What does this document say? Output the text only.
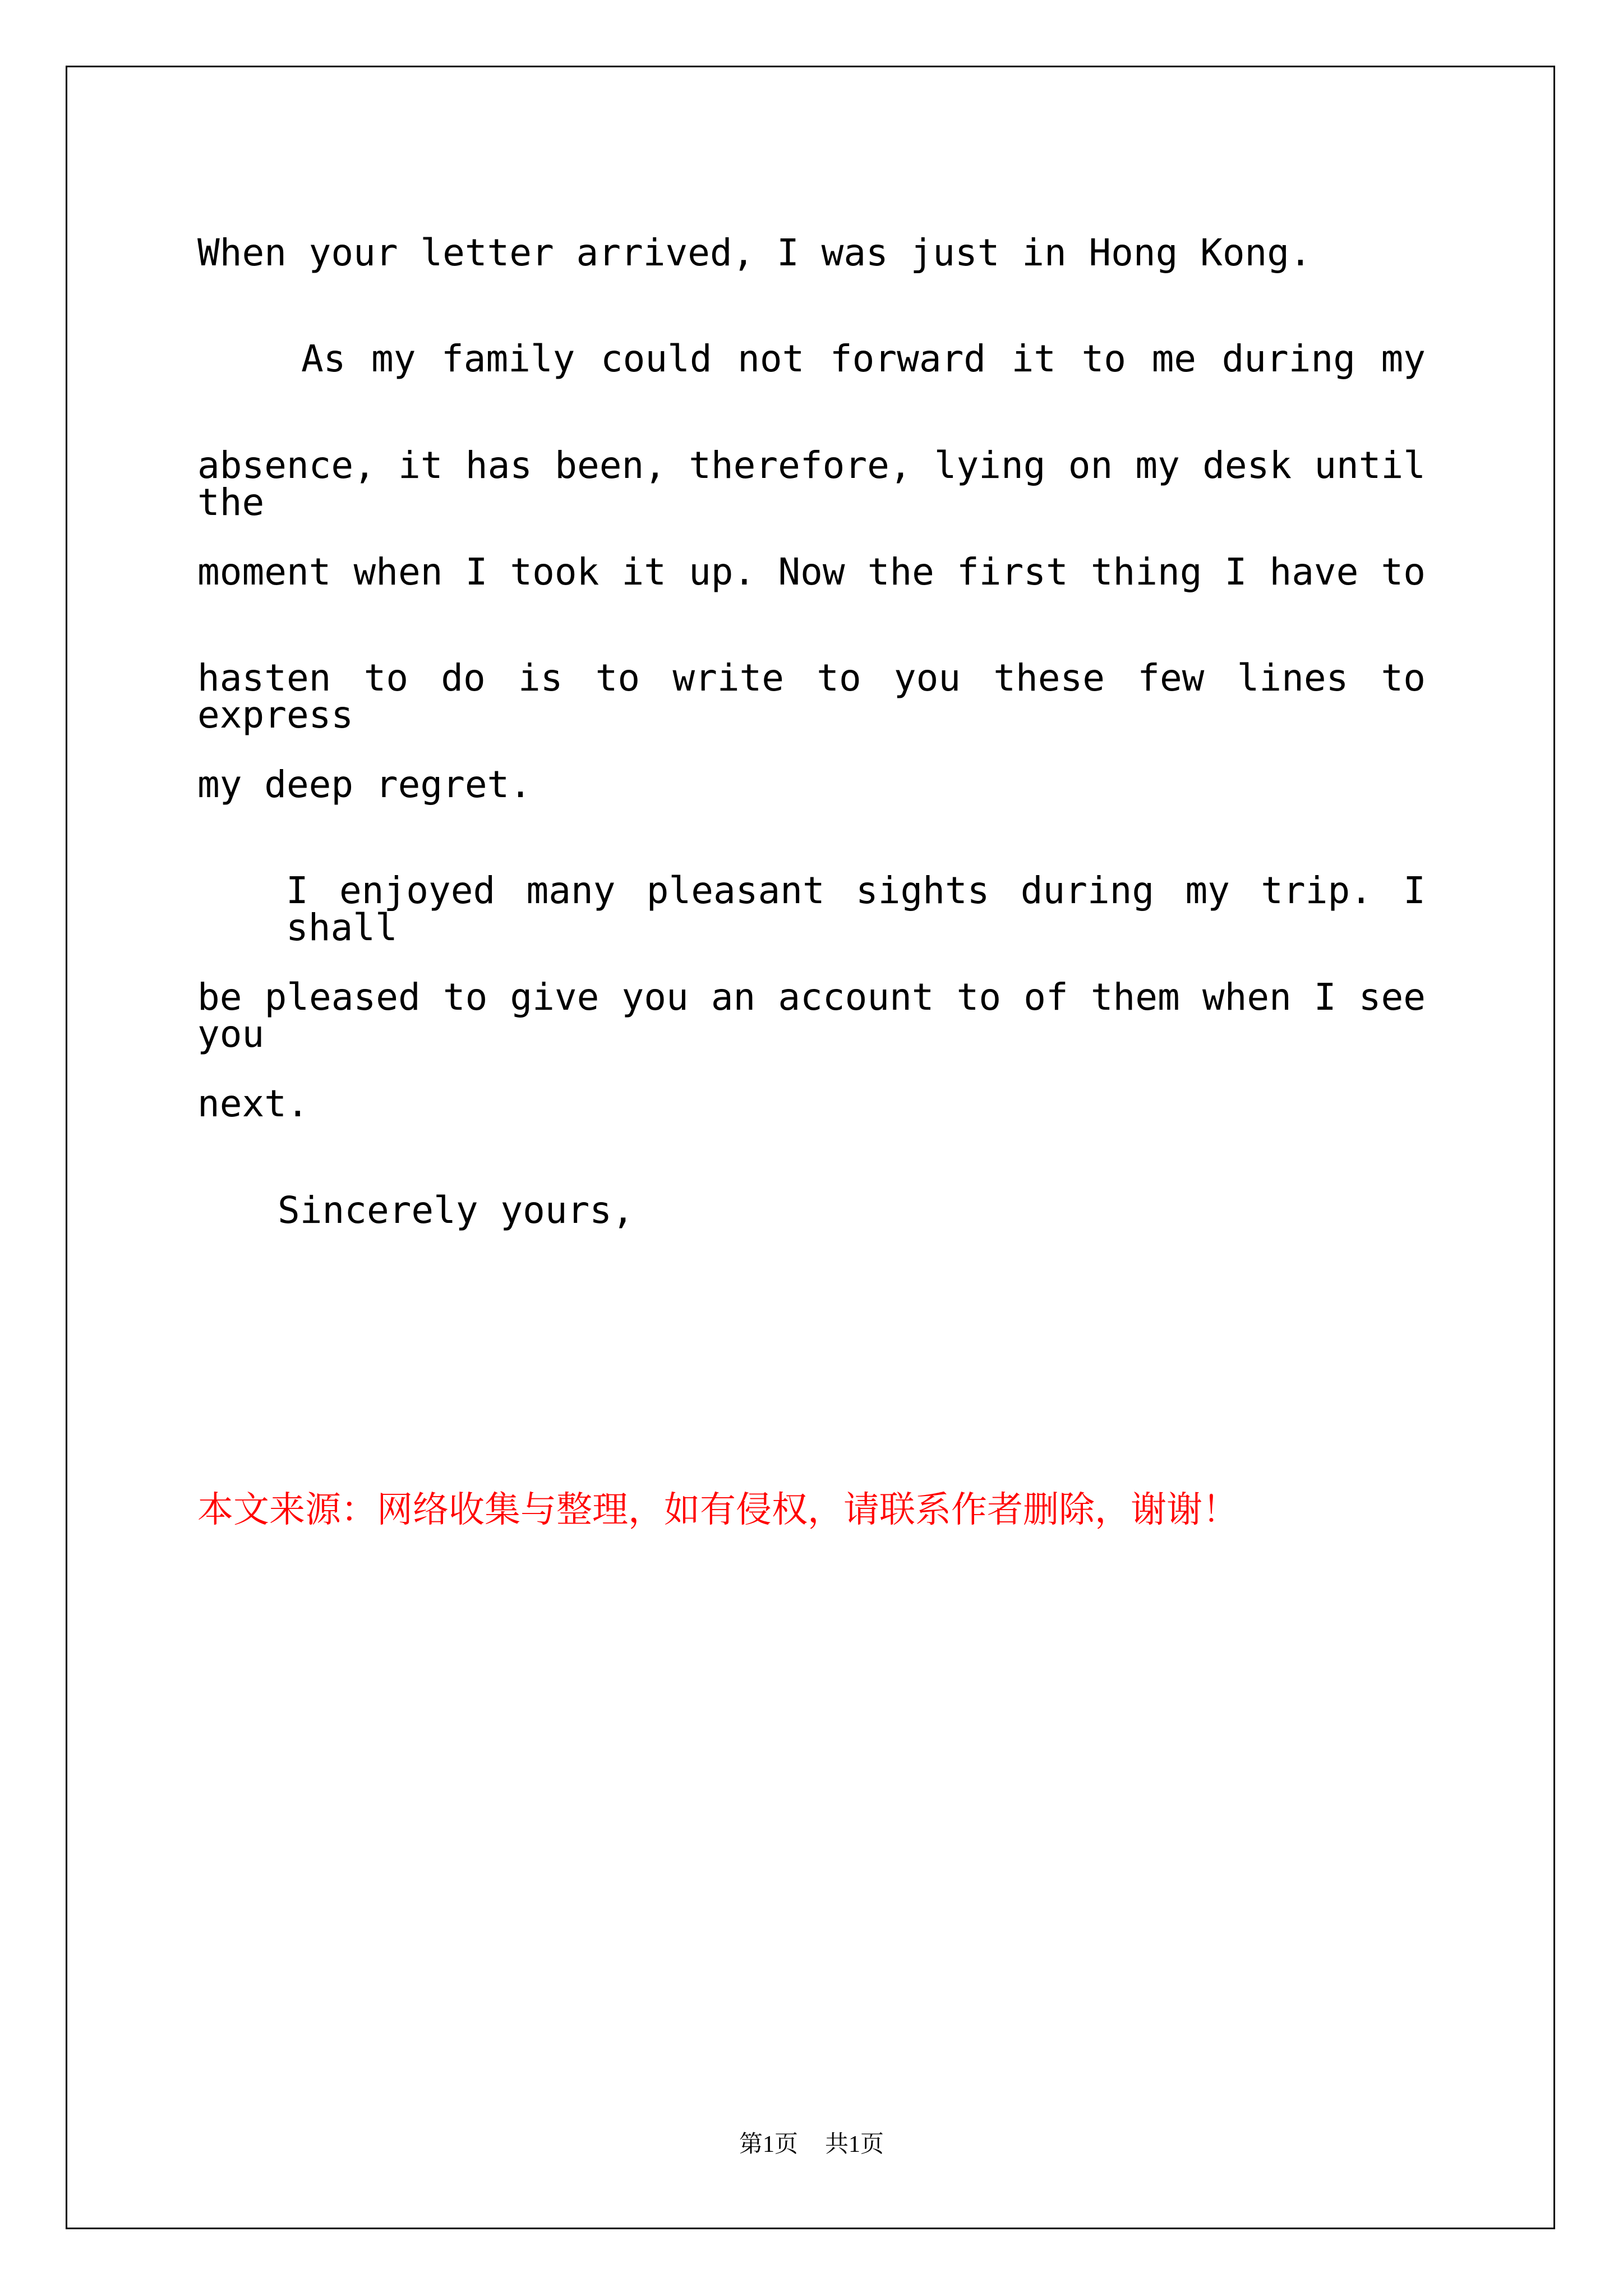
When your letter arrived, I was just in Hong Kong.
As my family could not forward it to me during my
absence, it has been, therefore, lying on my desk until the
moment when I took it up. Now the first thing I have to
hasten to do is to write to you these few lines to express
my deep regret.
I enjoyed many pleasant sights during my trip. I shall
be pleased to give you an account to of them when I see you
next.
Sincerely yours,
本文来源：网络收集与整理，如有侵权，请联系作者删除，谢谢！
第1页 共1页
